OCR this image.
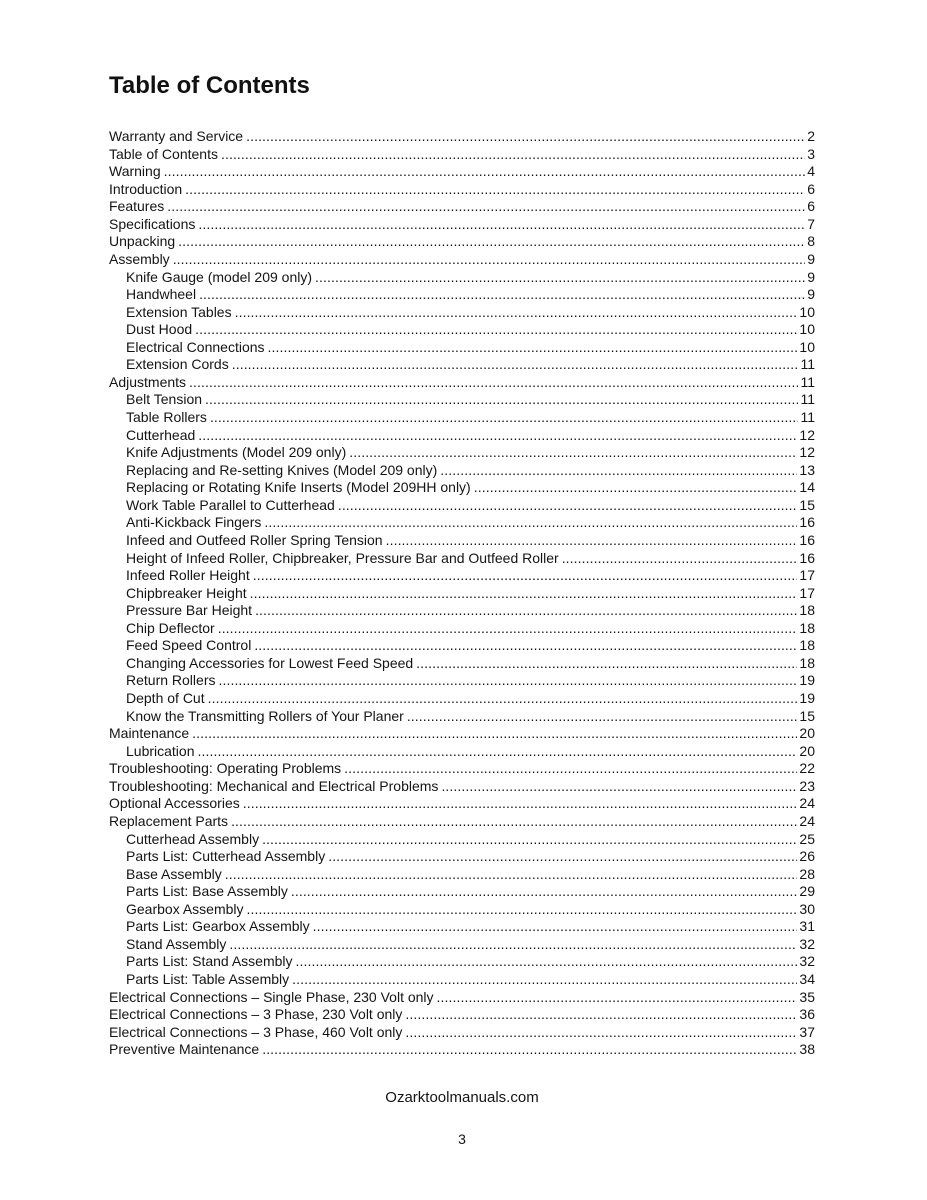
Table of Contents
Warranty and Service .....	2
Table of Contents .....	3
Warning .....	4
Introduction .....	6
Features .....	6
Specifications .....	7
Unpacking .....	8
Assembly .....	9
Knife Gauge (model 209 only) .....	9
Handwheel .....	9
Extension Tables .....	10
Dust Hood .....	10
Electrical Connections .....	10
Extension Cords .....	11
Adjustments .....	11
Belt Tension .....	11
Table Rollers .....	11
Cutterhead .....	12
Knife Adjustments (Model 209 only) .....	12
Replacing and Re-setting Knives (Model 209 only) .....	13
Replacing or Rotating Knife Inserts (Model 209HH only) .....	14
Work Table Parallel to Cutterhead .....	15
Anti-Kickback Fingers .....	16
Infeed and Outfeed Roller Spring Tension .....	16
Height of Infeed Roller, Chipbreaker, Pressure Bar and Outfeed Roller .....	16
Infeed Roller Height .....	17
Chipbreaker Height .....	17
Pressure Bar Height .....	18
Chip Deflector .....	18
Feed Speed Control .....	18
Changing Accessories for Lowest Feed Speed .....	18
Return Rollers .....	19
Depth of Cut .....	19
Know the Transmitting Rollers of Your Planer .....	15
Maintenance .....	20
Lubrication .....	20
Troubleshooting: Operating Problems .....	22
Troubleshooting: Mechanical and Electrical Problems .....	23
Optional Accessories .....	24
Replacement Parts .....	24
Cutterhead Assembly .....	25
Parts List: Cutterhead Assembly .....	26
Base Assembly .....	28
Parts List: Base Assembly .....	29
Gearbox Assembly .....	30
Parts List: Gearbox Assembly .....	31
Stand Assembly .....	32
Parts List: Stand Assembly .....	32
Parts List: Table Assembly .....	34
Electrical Connections – Single Phase, 230 Volt only .....	35
Electrical Connections – 3 Phase, 230 Volt only .....	36
Electrical Connections – 3 Phase, 460 Volt only .....	37
Preventive Maintenance .....	38
Ozarktoolmanuals.com
3
